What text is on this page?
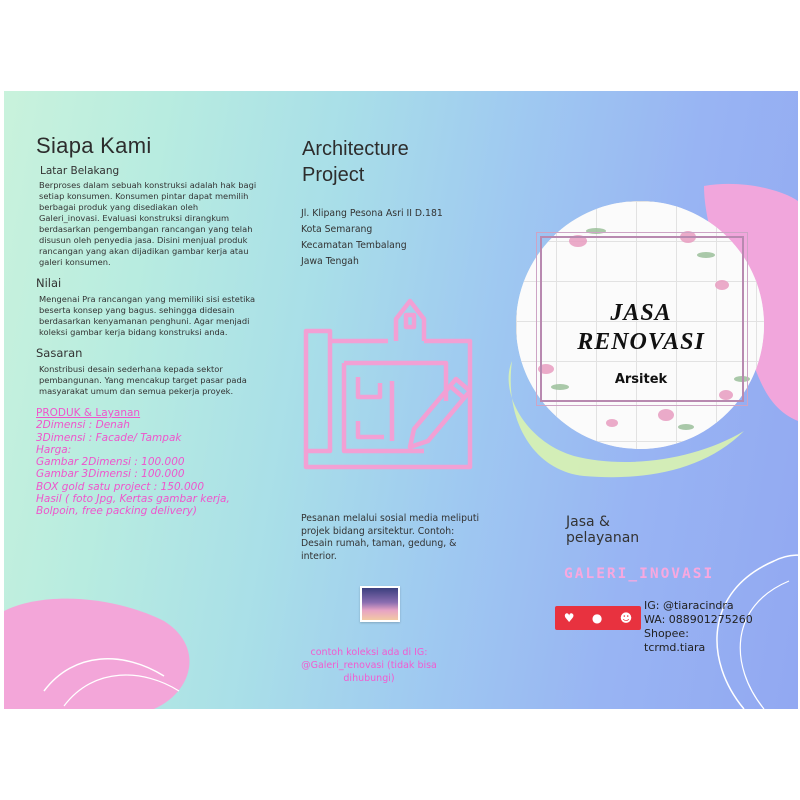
Siapa Kami
Latar Belakang

Berproses dalam sebuah konstruksi adalah hak bagi setiap konsumen. Konsumen pintar dapat memilih berbagai produk yang disediakan oleh Galeri_inovasi. Evaluasi konstruksi dirangkum berdasarkan pengembangan rancangan yang telah disusun oleh penyedia jasa. Disini menjual produk rancangan yang akan dijadikan gambar kerja atau galeri konsumen.

Nilai

Mengenai Pra rancangan yang memiliki sisi estetika beserta konsep yang bagus. sehingga didesain berdasarkan kenyamanan penghuni. Agar menjadi koleksi gambar kerja bidang konstruksi anda.

Sasaran

Konstribusi desain sederhana kepada sektor pembangunan. Yang mencakup target pasar pada masyarakat umum dan semua pekerja proyek.

PRODUK & Layanan
2Dimensi : Denah
3Dimensi : Facade/ Tampak
Harga:
Gambar 2Dimensi : 100.000
Gambar 3Dimensi : 100.000
BOX gold satu project : 150.000
Hasil ( foto Jpg, Kertas gambar kerja, Bolpoin, free packing delivery)
Architecture
Project
Jl. Klipang Pesona Asri II D.181
Kota Semarang
Kecamatan Tembalang
Jawa Tengah
Pesanan melalui sosial media meliputi projek bidang arsitektur. Contoh: Desain rumah, taman, gedung, & interior.
contoh koleksi ada di IG: @Galeri_renovasi (tidak bisa dihubungi)
JASA
RENOVASI
Arsitek
Jasa &
pelayanan
GALERI_INOVASI
♥ ● ☻
IG: @tiaracindra
WA: 088901275260
Shopee:
tcrmd.tiara
